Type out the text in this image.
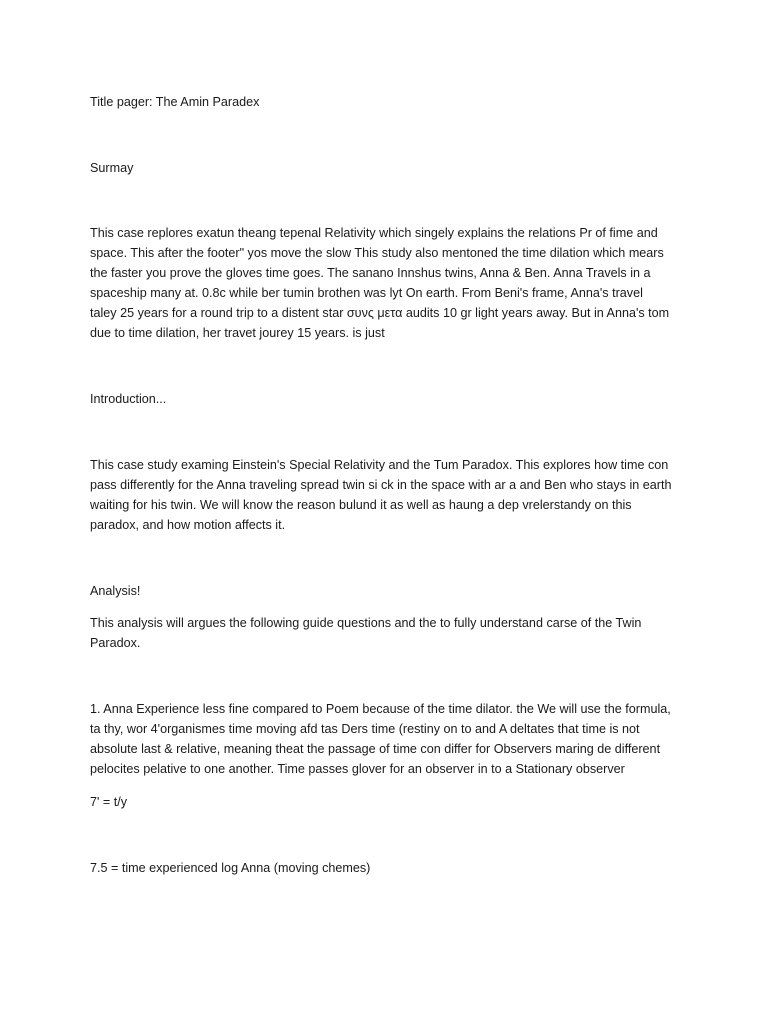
Title pager: The Amin Paradex

Surmay

This case replores exatun theang tepenal Relativity which singely explains the relations Pr of fime and
space. This after the footer" yos move the slow This study also mentoned the time dilation which mears
the faster you prove the gloves time goes. The sanano Innshus twins, Anna & Ben. Anna Travels in a
spaceship many at. 0.8c while ber tumin brothen was lyt On earth. From Beni's frame, Anna's travel
taley 25 years for a round trip to a distent star συνς μετα audits 10 gr light years away. But in Anna's tom
due to time dilation, her travet jourey 15 years. is just

Introduction...

This case study examing Einstein's Special Relativity and the Tum Paradox. This explores how time con
pass differently for the Anna traveling spread twin si ck in the space with ar a and Ben who stays in earth
waiting for his twin. We will know the reason bulund it as well as haung a dep vrelerstandy on this
paradox, and how motion affects it.

Analysis!

This analysis will argues the following guide questions and the to fully understand carse of the Twin
Paradox.
1. Anna Experience less fine compared to Poem because of the time dilator. the We will use the formula,
ta thy, wor 4'organismes time moving afd tas Ders time (restiny on to and A deltates that time is not
absolute last & relative, meaning theat the passage of time con differ for Observers maring de different
pelocites pelative to one another. Time passes glover for an observer in to a Stationary observer

7' = t/y

7.5 = time experienced log Anna (moving chemes)
